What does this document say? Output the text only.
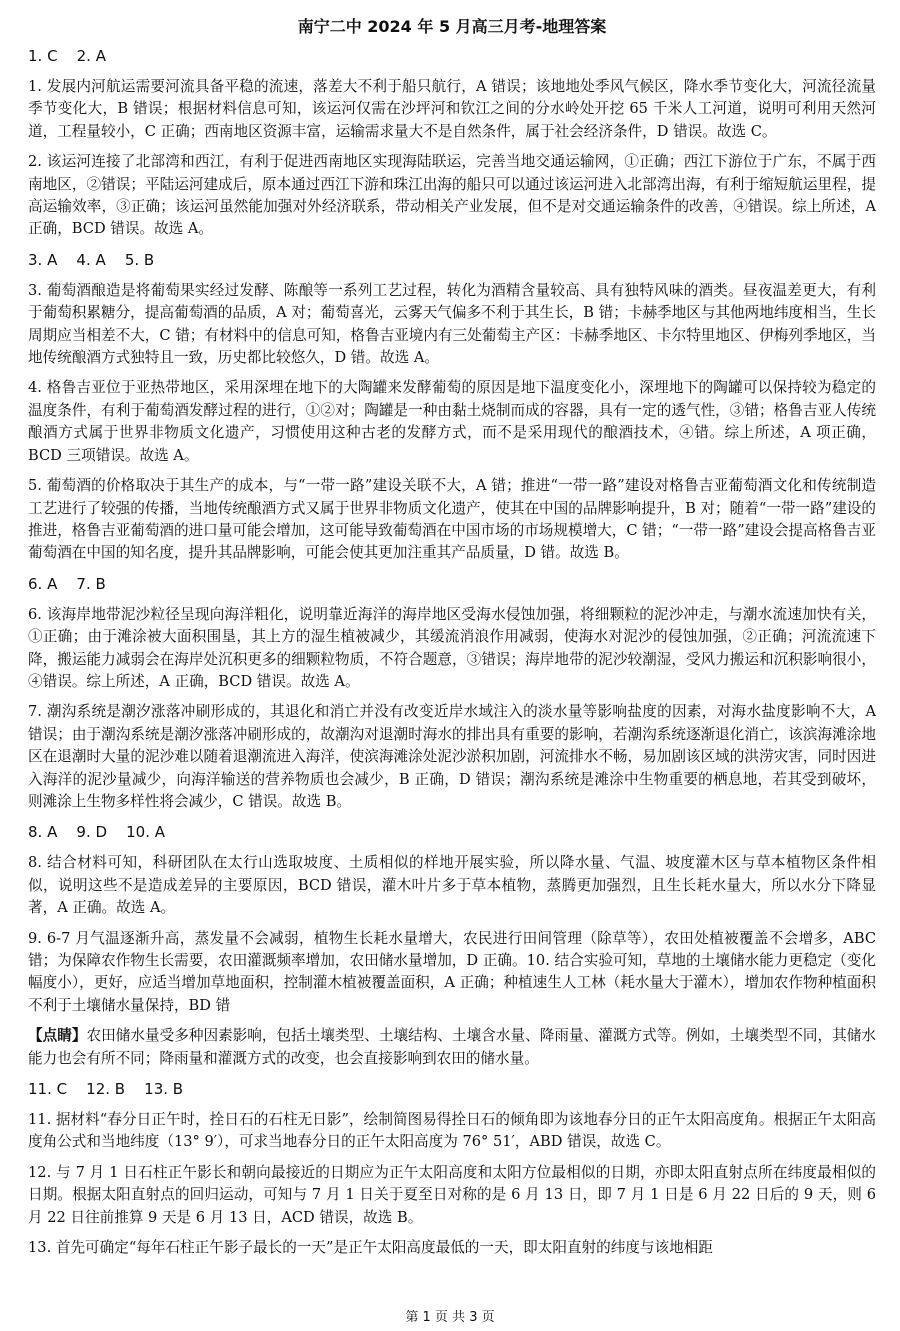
南宁二中 2024 年 5 月高三月考-地理答案
1. C    2. A
1. 发展内河航运需要河流具备平稳的流速，落差大不利于船只航行，A 错误；该地地处季风气候区，降水季节变化大，河流径流量季节变化大，B 错误；根据材料信息可知，该运河仅需在沙坪河和钦江之间的分水岭处开挖 65 千米人工河道，说明可利用天然河道，工程量较小，C 正确；西南地区资源丰富，运输需求量大不是自然条件，属于社会经济条件，D 错误。故选 C。
2. 该运河连接了北部湾和西江，有利于促进西南地区实现海陆联运，完善当地交通运输网，①正确；西江下游位于广东，不属于西南地区，②错误；平陆运河建成后，原本通过西江下游和珠江出海的船只可以通过该运河进入北部湾出海，有利于缩短航运里程，提高运输效率，③正确；该运河虽然能加强对外经济联系，带动相关产业发展，但不是对交通运输条件的改善，④错误。综上所述，A 正确，BCD 错误。故选 A。
3. A    4. A    5. B
3. 葡萄酒酿造是将葡萄果实经过发酵、陈酿等一系列工艺过程，转化为酒精含量较高、具有独特风味的酒类。昼夜温差更大，有利于葡萄积累糖分，提高葡萄酒的品质，A 对；葡萄喜光，云雾天气偏多不利于其生长，B 错；卡赫季地区与其他两地纬度相当，生长周期应当相差不大，C 错；有材料中的信息可知，格鲁吉亚境内有三处葡萄主产区：卡赫季地区、卡尔特里地区、伊梅列季地区，当地传统酿酒方式独特且一致，历史都比较悠久，D 错。故选 A。
4. 格鲁吉亚位于亚热带地区，采用深埋在地下的大陶罐来发酵葡萄的原因是地下温度变化小，深埋地下的陶罐可以保持较为稳定的温度条件，有利于葡萄酒发酵过程的进行，①②对；陶罐是一种由黏土烧制而成的容器，具有一定的透气性，③错；格鲁吉亚人传统酿酒方式属于世界非物质文化遗产，习惯使用这种古老的发酵方式，而不是采用现代的酿酒技术，④错。综上所述，A 项正确，BCD 三项错误。故选 A。
5. 葡萄酒的价格取决于其生产的成本，与“一带一路”建设关联不大，A 错；推进“一带一路”建设对格鲁吉亚葡萄酒文化和传统制造工艺进行了较强的传播，当地传统酿酒方式又属于世界非物质文化遗产，使其在中国的品牌影响提升，B 对；随着“一带一路”建设的推进，格鲁吉亚葡萄酒的进口量可能会增加，这可能导致葡萄酒在中国市场的市场规模增大，C 错；“一带一路”建设会提高格鲁吉亚葡萄酒在中国的知名度，提升其品牌影响，可能会使其更加注重其产品质量，D 错。故选 B。
6. A    7. B
6. 该海岸地带泥沙粒径呈现向海洋粗化，说明靠近海洋的海岸地区受海水侵蚀加强，将细颗粒的泥沙冲走，与潮水流速加快有关，①正确；由于滩涂被大面积围垦，其上方的湿生植被减少，其缓流消浪作用减弱，使海水对泥沙的侵蚀加强，②正确；河流流速下降，搬运能力减弱会在海岸处沉积更多的细颗粒物质，不符合题意，③错误；海岸地带的泥沙较潮湿，受风力搬运和沉积影响很小，④错误。综上所述，A 正确，BCD 错误。故选 A。
7. 潮沟系统是潮汐涨落冲刷形成的，其退化和消亡并没有改变近岸水域注入的淡水量等影响盐度的因素，对海水盐度影响不大，A 错误；由于潮沟系统是潮汐涨落冲刷形成的，故潮沟对退潮时海水的排出具有重要的影响，若潮沟系统逐渐退化消亡，该滨海滩涂地区在退潮时大量的泥沙难以随着退潮流进入海洋，使滨海滩涂处泥沙淤积加剧，河流排水不畅，易加剧该区域的洪涝灾害，同时因进入海洋的泥沙量减少，向海洋输送的营养物质也会减少，B 正确，D 错误；潮沟系统是滩涂中生物重要的栖息地，若其受到破坏，则滩涂上生物多样性将会减少，C 错误。故选 B。
8. A    9. D    10. A
8. 结合材料可知，科研团队在太行山选取坡度、土质相似的样地开展实验，所以降水量、气温、坡度灌木区与草本植物区条件相似，说明这些不是造成差异的主要原因，BCD 错误，灌木叶片多于草本植物，蒸腾更加强烈，且生长耗水量大，所以水分下降显著，A 正确。故选 A。
9. 6-7 月气温逐渐升高，蒸发量不会减弱，植物生长耗水量增大，农民进行田间管理（除草等），农田处植被覆盖不会增多，ABC 错；为保障农作物生长需要，农田灌溉频率增加，农田储水量增加，D 正确。10. 结合实验可知，草地的土壤储水能力更稳定（变化幅度小），更好，应适当增加草地面积，控制灌木植被覆盖面积，A 正确；种植速生人工林（耗水量大于灌木），增加农作物种植面积不利于土壤储水量保持，BD 错
【点睛】农田储水量受多种因素影响，包括土壤类型、土壤结构、土壤含水量、降雨量、灌溉方式等。例如，土壤类型不同，其储水能力也会有所不同；降雨量和灌溉方式的改变，也会直接影响到农田的储水量。
11. C    12. B    13. B
11. 据材料“春分日正午时，拴日石的石柱无日影”，绘制简图易得拴日石的倾角即为该地春分日的正午太阳高度角。根据正午太阳高度角公式和当地纬度（13° 9′），可求当地春分日的正午太阳高度为 76° 51′，ABD 错误，故选 C。
12. 与 7 月 1 日石柱正午影长和朝向最接近的日期应为正午太阳高度和太阳方位最相似的日期，亦即太阳直射点所在纬度最相似的日期。根据太阳直射点的回归运动，可知与 7 月 1 日关于夏至日对称的是 6 月 13 日，即 7 月 1 日是 6 月 22 日后的 9 天，则 6 月 22 日往前推算 9 天是 6 月 13 日，ACD 错误，故选 B。
13. 首先可确定“每年石柱正午影子最长的一天”是正午太阳高度最低的一天，即太阳直射的纬度与该地相距
第 1 页 共 3 页
